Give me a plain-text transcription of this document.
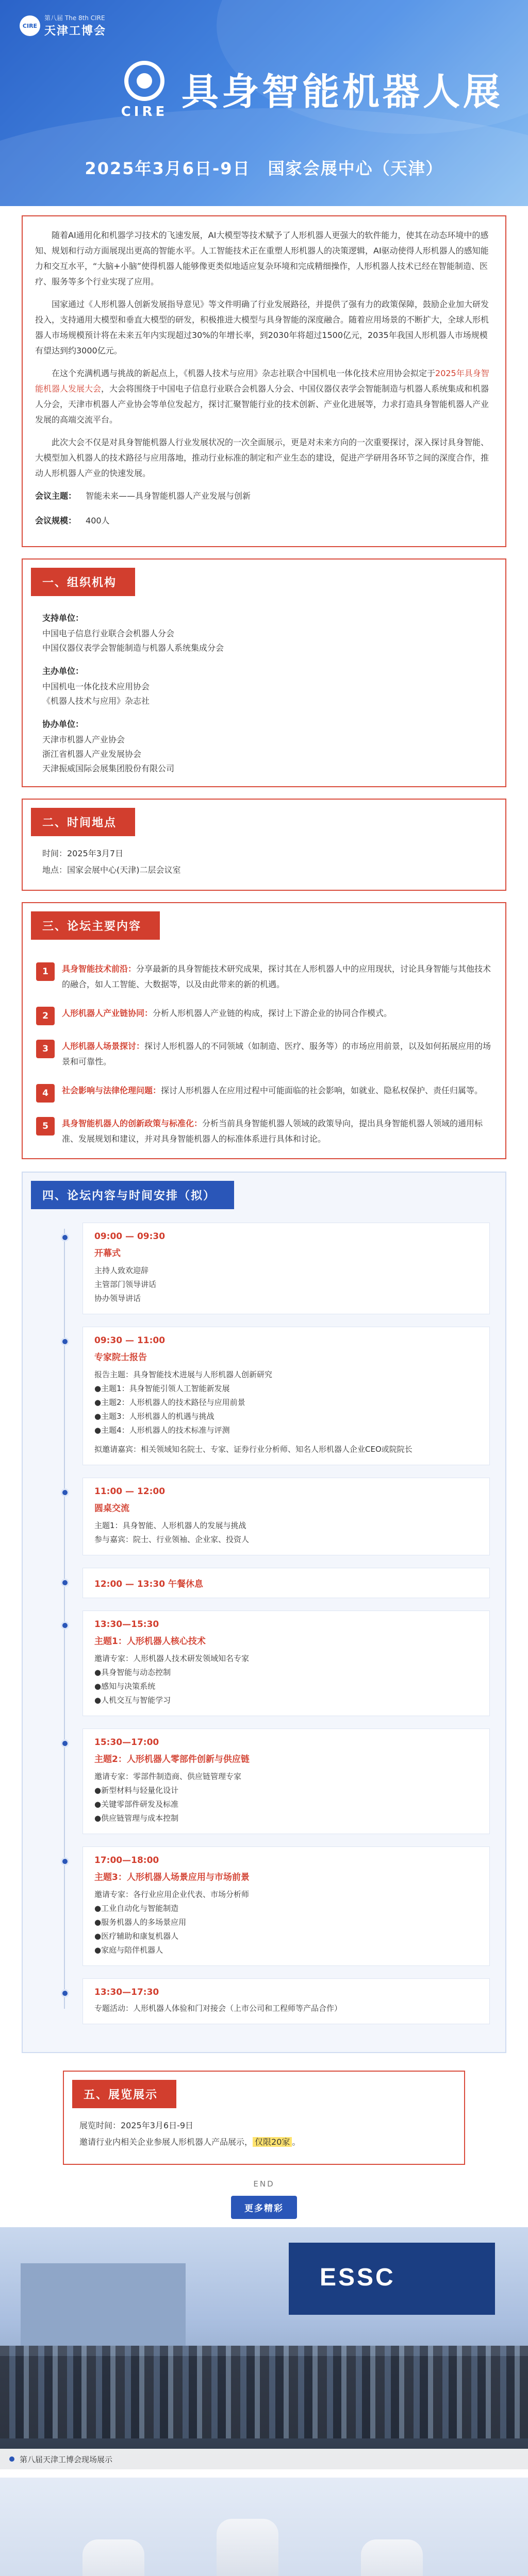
CIRE
第八届 The 8th CIRE
天津工博会
CIRE 具身智能机器人展
2025年3月6日-9日　国家会展中心（天津）

随着AI通用化和机器学习技术的飞速发展，AI大模型等技术赋予了人形机器人更强大的软件能力，使其在动态环境中的感知、规划和行动方面展现出更高的智能水平。人工智能技术正在重塑人形机器人的决策逻辑，AI驱动使得人形机器人的感知能力和交互水平，“大脑+小脑”使得机器人能够像更类似地适应复杂环境和完成精细操作，人形机器人技术已经在智能制造、医疗、服务等多个行业实现了应用。

国家通过《人形机器人创新发展指导意见》等文件明确了行业发展路径，并提供了强有力的政策保障，鼓励企业加大研发投入，支持通用大模型和垂直大模型的研发，积极推进大模型与具身智能的深度融合。随着应用场景的不断扩大，全球人形机器人市场规模预计将在未来五年内实现超过30%的年增长率，到2030年将超过1500亿元，2035年我国人形机器人市场规模有望达到约3000亿元。

在这个充满机遇与挑战的新起点上，《机器人技术与应用》杂志社联合中国机电一体化技术应用协会拟定于2025年具身智能机器人发展大会，大会将围绕于中国电子信息行业联合会机器人分会、中国仪器仪表学会智能制造与机器人系统集成和机器人分会，天津市机器人产业协会等单位发起方，探讨汇聚智能行业的技术创新、产业化进展等，力求打造具身智能机器人产业发展的高端交流平台。

此次大会不仅是对具身智能机器人行业发展状况的一次全面展示，更是对未来方向的一次重要探讨，深入探讨具身智能、大模型加入机器人的技术路径与应用落地，推动行业标准的制定和产业生态的建设，促进产学研用各环节之间的深度合作，推动人形机器人产业的快速发展。

会议主题： 智能未来——具身智能机器人产业发展与创新

会议规模： 400人

一、组织机构
支持单位：
中国电子信息行业联合会机器人分会
中国仪器仪表学会智能制造与机器人系统集成分会
主办单位：
中国机电一体化技术应用协会
《机器人技术与应用》杂志社
协办单位：
天津市机器人产业协会
浙江省机器人产业发展协会
天津振威国际会展集团股份有限公司
二、时间地点
时间：2025年3月7日
地点：国家会展中心(天津)二层会议室
三、论坛主要内容
1	具身智能技术前沿：分享最新的具身智能技术研究成果，探讨其在人形机器人中的应用现状，讨论具身智能与其他技术的融合，如人工智能、大数据等，以及由此带来的新的机遇。
2	人形机器人产业链协同：分析人形机器人产业链的构成，探讨上下游企业的协同合作模式。
3	人形机器人场景探讨：探讨人形机器人的不同领域（如制造、医疗、服务等）的市场应用前景，以及如何拓展应用的场景和可靠性。
4	社会影响与法律伦理问题：探讨人形机器人在应用过程中可能面临的社会影响，如就业、隐私权保护、责任归属等。
5	具身智能机器人的创新政策与标准化：分析当前具身智能机器人领域的政策导向，提出具身智能机器人领域的通用标准、发展规划和建议，并对具身智能机器人的标准体系进行具体和讨论。
四、论坛内容与时间安排（拟）
09:00 — 09:30
开幕式
主持人致欢迎辞
主管部门领导讲话
协办领导讲话
09:30 — 11:00
专家院士报告
报告主题：具身智能技术进展与人形机器人创新研究
●主题1：具身智能引领人工智能新发展
●主题2：人形机器人的技术路径与应用前景
●主题3：人形机器人的机遇与挑战
●主题4：人形机器人的技术标准与评测
拟邀请嘉宾：相关领域知名院士、专家、证券行业分析师、知名人形机器人企业CEO或院院长
11:00 — 12:00
圆桌交流
主题1：具身智能、人形机器人的发展与挑战
参与嘉宾：院士、行业领袖、企业家、投资人
12:00 — 13:30 午餐休息
13:30—15:30
主题1：人形机器人核心技术
邀请专家：人形机器人技术研发领域知名专家
●具身智能与动态控制
●感知与决策系统
●人机交互与智能学习
15:30—17:00
主题2：人形机器人零部件创新与供应链
邀请专家：零部件制造商、供应链管理专家
●新型材料与轻量化设计
●关键零部件研发及标准
●供应链管理与成本控制
17:00—18:00
主题3：人形机器人场景应用与市场前景
邀请专家：各行业应用企业代表、市场分析师
●工业自动化与智能制造
●服务机器人的多场景应用
●医疗辅助和康复机器人
●家庭与陪伴机器人
13:30—17:30
专题活动：人形机器人体验和门对接会（上市公司和工程师等产品合作）
五、展览展示
展览时间：2025年3月6日-9日
邀请行业内相关企业参展人形机器人产品展示， 仅限20家 。
END
更多精彩
ESSC
第八届天津工博会现场展示
